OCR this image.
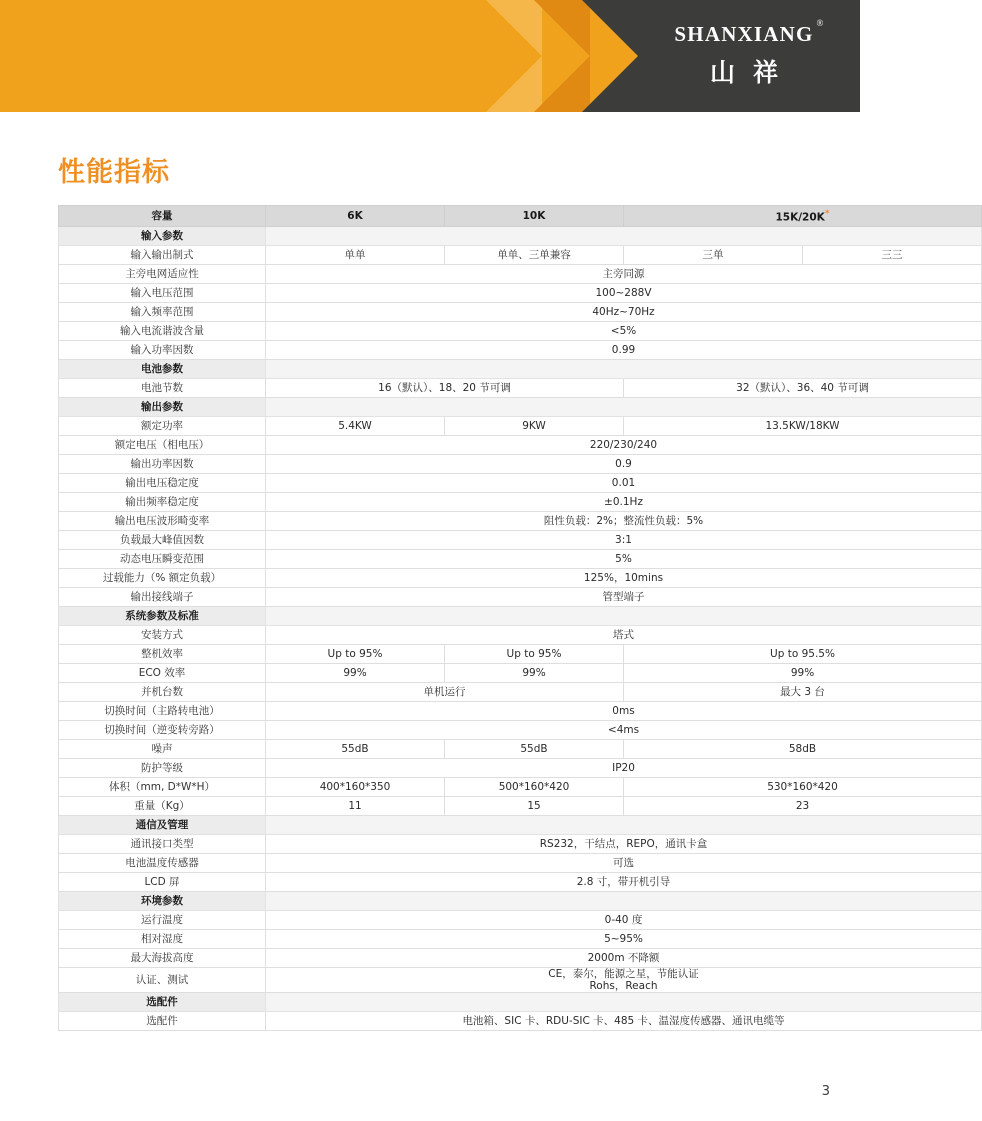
SHANXIANG ®
山祥
性能指标
容量	6K	10K	15K/20K*	
输入参数				
输入输出制式	单单	单单、三单兼容	三单	三三
主旁电网适应性	主旁同源			
输入电压范围	100~288V			
输入频率范围	40Hz~70Hz			
输入电流谐波含量	<5%			
输入功率因数	0.99			
电池参数				
电池节数	16（默认）、18、20 节可调		32（默认）、36、40 节可调	
输出参数				
额定功率	5.4KW	9KW	13.5KW/18KW	
额定电压（相电压）	220/230/240			
输出功率因数	0.9			
输出电压稳定度	0.01			
输出频率稳定度	±0.1Hz			
输出电压波形畸变率	阻性负载：2%；整流性负载：5%			
负载最大峰值因数	3:1			
动态电压瞬变范围	5%			
过载能力（% 额定负载）	125%，10mins			
输出接线端子	管型端子			
系统参数及标准				
安装方式	塔式			
整机效率	Up to 95%	Up to 95%	Up to 95.5%	
ECO 效率	99%	99%	99%	
并机台数	单机运行		最大 3 台	
切换时间（主路转电池）	0ms			
切换时间（逆变转旁路）	<4ms			
噪声	55dB	55dB	58dB	
防护等级	IP20			
体积（mm, D*W*H）	400*160*350	500*160*420	530*160*420	
重量（Kg）	11	15	23	
通信及管理				
通讯接口类型	RS232，干结点，REPO，通讯卡盒			
电池温度传感器	可选			
LCD 屏	2.8 寸，带开机引导			
环境参数				
运行温度	0-40 度			
相对湿度	5~95%			
最大海拔高度	2000m 不降额			
认证、测试	CE，泰尔，能源之星，节能认证
Rohs，Reach			
选配件				
选配件	电池箱、SIC 卡、RDU-SIC 卡、485 卡、温湿度传感器、通讯电缆等			
3
